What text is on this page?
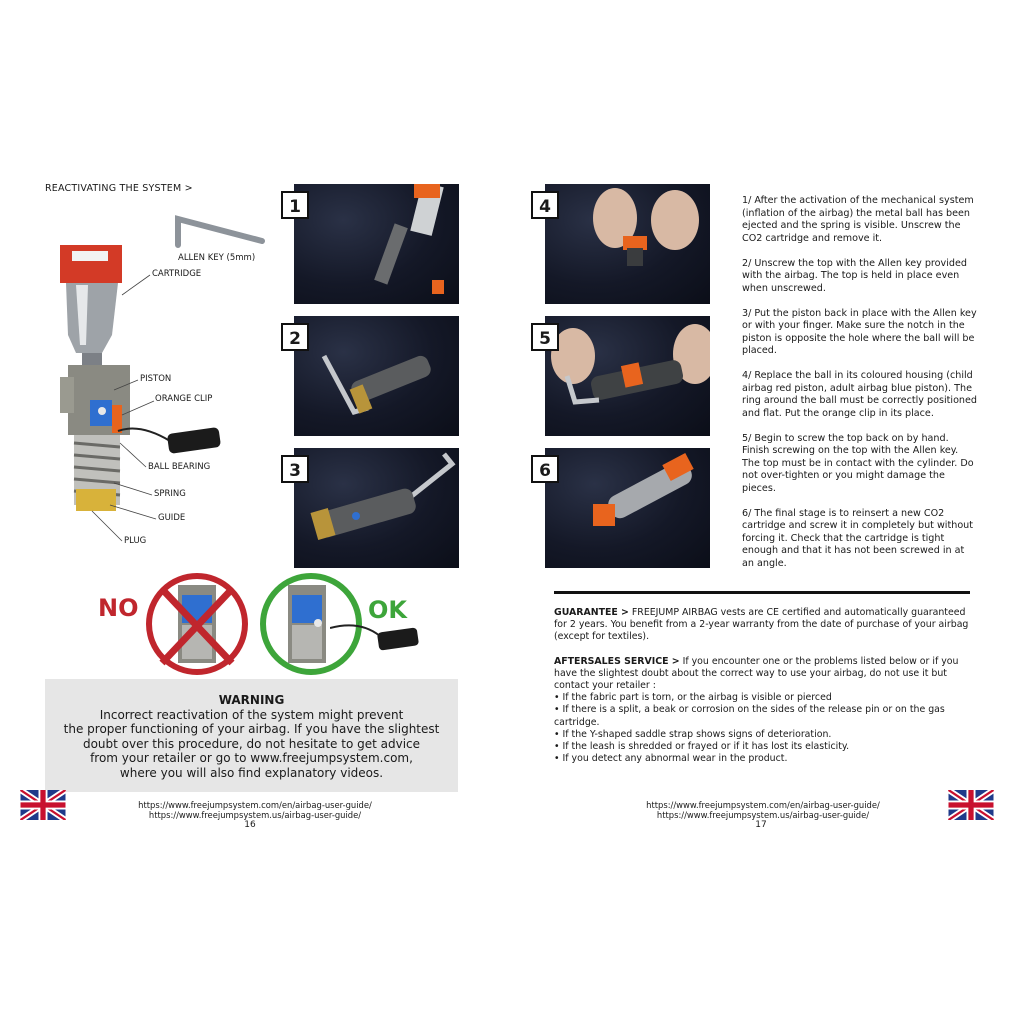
REACTIVATING THE SYSTEM >
ALLEN KEY (5mm)
CARTRIDGE
PISTON
ORANGE CLIP
BALL BEARING
SPRING
GUIDE
PLUG
1
2
3
NO	OK
WARNING
Incorrect reactivation of the system might prevent
the proper functioning of your airbag. If you have the slightest
doubt over this procedure, do not hesitate to get advice
from your retailer or go to www.freejumpsystem.com,
where you will also find explanatory videos.
https://www.freejumpsystem.com/en/airbag-user-guide/
https://www.freejumpsystem.us/airbag-user-guide/
16
4
5
6

1/ After the activation of the mechanical system (inflation of the airbag) the metal ball has been ejected and the spring is visible. Unscrew the CO2 cartridge and remove it.

2/ Unscrew the top with the Allen key provided with the airbag. The top is held in place even when unscrewed.

3/ Put the piston back in place with the Allen key or with your finger. Make sure the notch in the piston is opposite the hole where the ball will be placed.

4/ Replace the ball in its coloured housing (child airbag red piston, adult airbag blue piston). The ring around the ball must be correctly positioned and flat. Put the orange clip in its place.

5/ Begin to screw the top back on by hand. Finish screwing on the top with the Allen key. The top must be in contact with the cylinder. Do not over-tighten or you might damage the pieces.

6/ The final stage is to reinsert a new CO2 cartridge and screw it in completely but without forcing it. Check that the cartridge is tight enough and that it has not been screwed in at an angle.

GUARANTEE > FREEJUMP AIRBAG vests are CE certified and automatically guaranteed for 2 years. You benefit from a 2-year warranty from the date of purchase of your airbag (except for textiles).

AFTERSALES SERVICE > If you encounter one or the problems listed below or if you have the slightest doubt about the correct way to use your airbag, do not use it but contact your retailer :
• If the fabric part is torn, or the airbag is visible or pierced
• If there is a split, a beak or corrosion on the sides of the release pin or on the gas cartridge.
• If the Y-shaped saddle strap shows signs of deterioration.
• If the leash is shredded or frayed or if it has lost its elasticity.
• If you detect any abnormal wear in the product.
https://www.freejumpsystem.com/en/airbag-user-guide/
https://www.freejumpsystem.us/airbag-user-guide/
17
